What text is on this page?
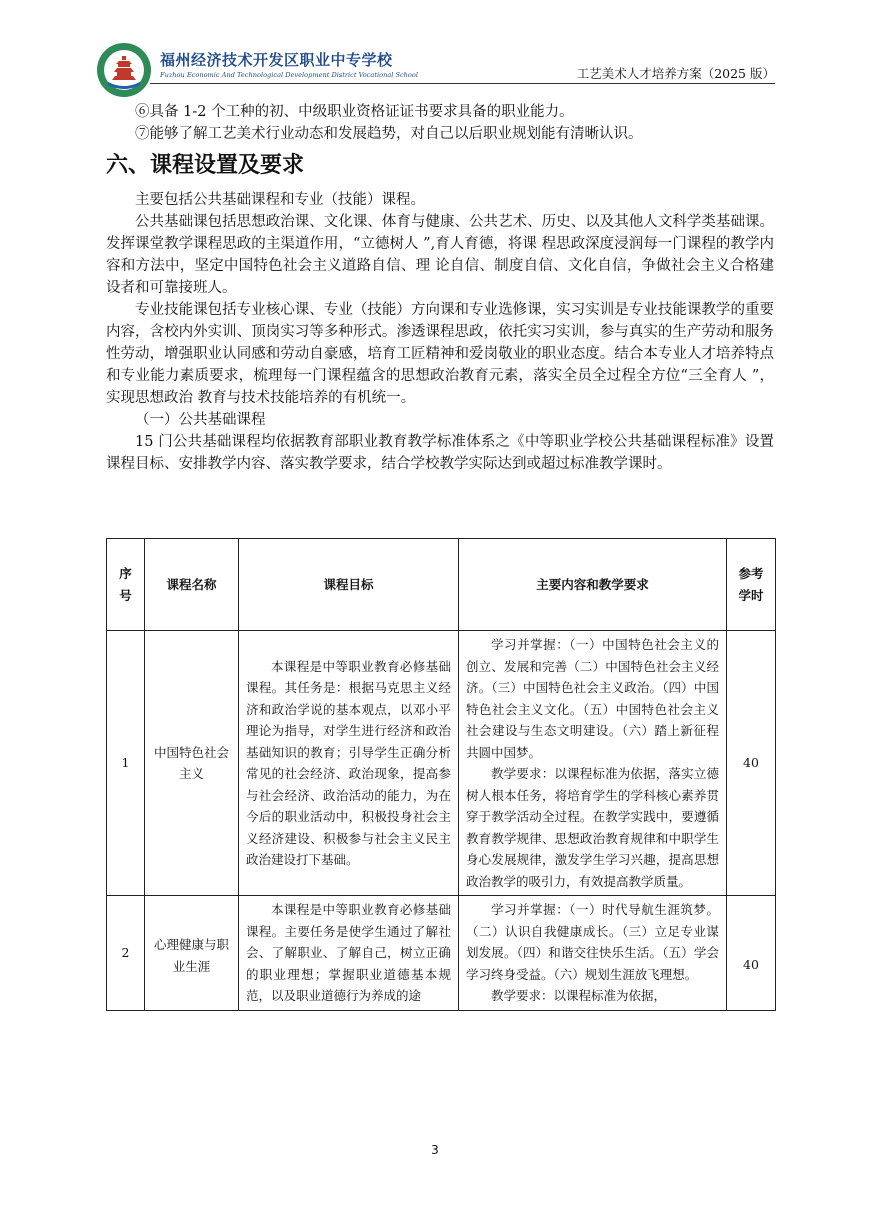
福州经济技术开发区职业中专学校
Fuzhou Economic And Technological Development District Vocational School	工艺美术人才培养方案（2025 版）

⑥具备 1-2 个工种的初、中级职业资格证证书要求具备的职业能力。

⑦能够了解工艺美术行业动态和发展趋势，对自己以后职业规划能有清晰认识。

六、课程设置及要求

主要包括公共基础课程和专业（技能）课程。

公共基础课包括思想政治课、文化课、体育与健康、公共艺术、历史、以及其他人文科学类基础课。发挥课堂教学课程思政的主渠道作用，“立德树人 ”,育人育德，将课 程思政深度浸润每一门课程的教学内容和方法中，坚定中国特色社会主义道路自信、理 论自信、制度自信、文化自信，争做社会主义合格建设者和可靠接班人。

专业技能课包括专业核心课、专业（技能）方向课和专业选修课，实习实训是专业技能课教学的重要内容，含校内外实训、顶岗实习等多种形式。渗透课程思政，依托实习实训，参与真实的生产劳动和服务性劳动，增强职业认同感和劳动自豪感，培育工匠精神和爱岗敬业的职业态度。结合本专业人才培养特点和专业能力素质要求，梳理每一门课程蕴含的思想政治教育元素，落实全员全过程全方位“三全育人 ”，实现思想政治 教育与技术技能培养的有机统一。

（一）公共基础课程

15 门公共基础课程均依据教育部职业教育教学标准体系之《中等职业学校公共基础课程标准》设置课程目标、安排教学内容、落实教学要求，结合学校教学实际达到或超过标准教学课时。

序号	课程名称	课程目标	主要内容和教学要求	参考学时
1	中国特色社会主义	本课程是中等职业教育必修基础课程。其任务是：根据马克思主义经济和政治学说的基本观点，以邓小平理论为指导，对学生进行经济和政治基础知识的教育；引导学生正确分析常见的社会经济、政治现象，提高参与社会经济、政治活动的能力，为在今后的职业活动中，积极投身社会主义经济建设、积极参与社会主义民主政治建设打下基础。	学习并掌握：（一）中国特色社会主义的创立、发展和完善（二）中国特色社会主义经济。（三）中国特色社会主义政治。（四）中国特色社会主义文化。（五）中国特色社会主义社会建设与生态文明建设。（六）踏上新征程共圆中国梦。
教学要求：以课程标准为依据，落实立德树人根本任务，将培育学生的学科核心素养贯穿于教学活动全过程。在教学实践中，要遵循教育教学规律、思想政治教育规律和中职学生身心发展规律，激发学生学习兴趣，提高思想政治教学的吸引力，有效提高教学质量。	40
2	心理健康与职业生涯	本课程是中等职业教育必修基础课程。主要任务是使学生通过了解社会、了解职业、了解自己，树立正确的职业理想；掌握职业道德基本规范，以及职业道德行为养成的途	学习并掌握：（一）时代导航生涯筑梦。（二）认识自我健康成长。（三）立足专业谋划发展。（四）和谐交往快乐生活。（五）学会学习终身受益。（六）规划生涯放飞理想。
教学要求：以课程标准为依据，	40
3
